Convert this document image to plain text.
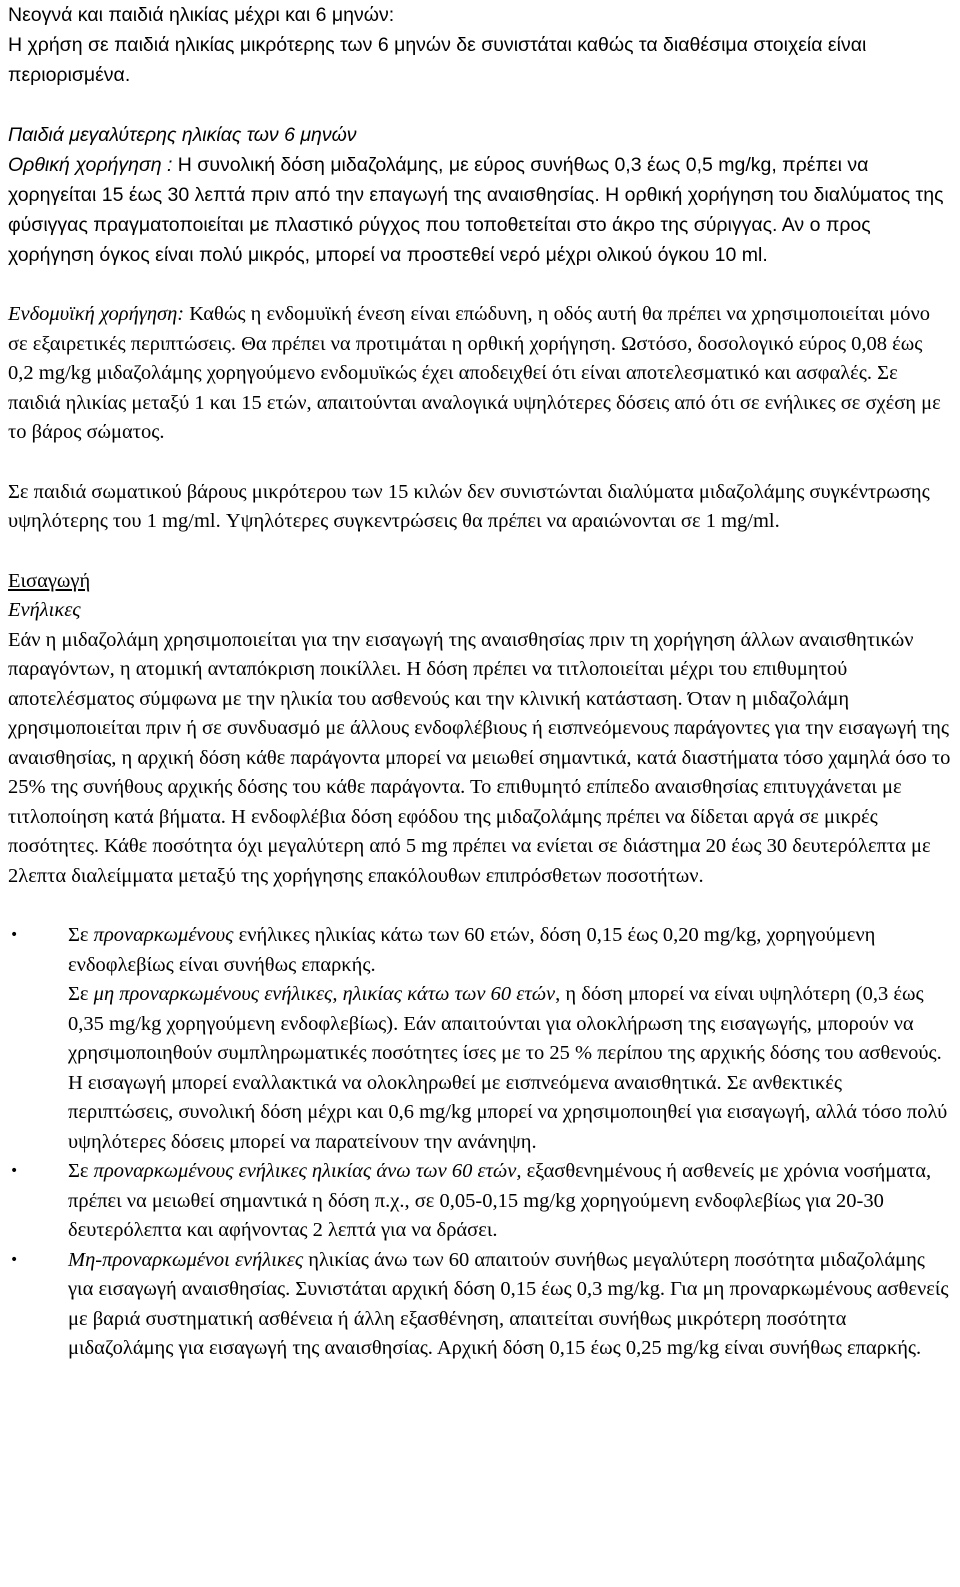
Νεογνά και παιδιά ηλικίας μέχρι και 6 μηνών:

Η χρήση σε παιδιά ηλικίας μικρότερης των 6 μηνών δε συνιστάται καθώς τα διαθέσιμα στοιχεία είναι περιορισμένα.

Παιδιά μεγαλύτερης ηλικίας των 6 μηνών

Ορθική χορήγηση : Η συνολική δόση μιδαζολάμης, με εύρος συνήθως 0,3 έως 0,5 mg/kg, πρέπει να χορηγείται 15 έως 30 λεπτά πριν από την επαγωγή της αναισθησίας. Η ορθική χορήγηση του διαλύματος της φύσιγγας πραγματοποιείται με πλαστικό ρύγχος που τοποθετείται στο άκρο της σύριγγας. Αν ο προς χορήγηση όγκος είναι πολύ μικρός, μπορεί να προστεθεί νερό μέχρι ολικού όγκου 10 ml.

Ενδομυϊκή χορήγηση: Καθώς η ενδομυϊκή ένεση είναι επώδυνη, η οδός αυτή θα πρέπει να χρησιμοποιείται μόνο σε εξαιρετικές περιπτώσεις. Θα πρέπει να προτιμάται η ορθική χορήγηση. Ωστόσο, δοσολογικό εύρος 0,08 έως 0,2 mg/kg μιδαζολάμης χορηγούμενο ενδομυϊκώς έχει αποδειχθεί ότι είναι αποτελεσματικό και ασφαλές. Σε παιδιά ηλικίας μεταξύ 1 και 15 ετών, απαιτούνται αναλογικά υψηλότερες δόσεις από ότι σε ενήλικες σε σχέση με το βάρος σώματος.

Σε παιδιά σωματικού βάρους μικρότερου των 15 κιλών δεν συνιστώνται διαλύματα μιδαζολάμης συγκέντρωσης υψηλότερης του 1 mg/ml. Υψηλότερες συγκεντρώσεις θα πρέπει να αραιώνονται σε 1 mg/ml.

Εισαγωγή

Ενήλικες

Εάν η μιδαζολάμη χρησιμοποιείται για την εισαγωγή της αναισθησίας πριν τη χορήγηση άλλων αναισθητικών παραγόντων, η ατομική ανταπόκριση ποικίλλει. Η δόση πρέπει να τιτλοποιείται μέχρι του επιθυμητού αποτελέσματος σύμφωνα με την ηλικία του ασθενούς και την κλινική κατάσταση. Όταν η μιδαζολάμη χρησιμοποιείται πριν ή σε συνδυασμό με άλλους ενδοφλέβιους ή εισπνεόμενους παράγοντες για την εισαγωγή της αναισθησίας, η αρχική δόση κάθε παράγοντα μπορεί να μειωθεί σημαντικά, κατά διαστήματα τόσο χαμηλά όσο το 25% της συνήθους αρχικής δόσης του κάθε παράγοντα. Το επιθυμητό επίπεδο αναισθησίας επιτυγχάνεται με τιτλοποίηση κατά βήματα. Η ενδοφλέβια δόση εφόδου της μιδαζολάμης πρέπει να δίδεται αργά σε μικρές ποσότητες. Κάθε ποσότητα όχι μεγαλύτερη από 5 mg πρέπει να ενίεται σε διάστημα 20 έως 30 δευτερόλεπτα με 2λεπτα διαλείμματα μεταξύ της χορήγησης επακόλουθων επιπρόσθετων ποσοτήτων.

• Σε προναρκωμένους ενήλικες ηλικίας κάτω των 60 ετών, δόση 0,15 έως 0,20 mg/kg, χορηγούμενη ενδοφλεβίως είναι συνήθως επαρκής.
Σε μη προναρκωμένους ενήλικες, ηλικίας κάτω των 60 ετών, η δόση μπορεί να είναι υψηλότερη (0,3 έως 0,35 mg/kg χορηγούμενη ενδοφλεβίως). Εάν απαιτούνται για ολοκλήρωση της εισαγωγής, μπορούν να χρησιμοποιηθούν συμπληρωματικές ποσότητες ίσες με το 25 % περίπου της αρχικής δόσης του ασθενούς. Η εισαγωγή μπορεί εναλλακτικά να ολοκληρωθεί με εισπνεόμενα αναισθητικά. Σε ανθεκτικές περιπτώσεις, συνολική δόση μέχρι και 0,6 mg/kg μπορεί να χρησιμοποιηθεί για εισαγωγή, αλλά τόσο πολύ υψηλότερες δόσεις μπορεί να παρατείνουν την ανάνηψη.
• Σε προναρκωμένους ενήλικες ηλικίας άνω των 60 ετών, εξασθενημένους ή ασθενείς με χρόνια νοσήματα, πρέπει να μειωθεί σημαντικά η δόση π.χ., σε 0,05-0,15 mg/kg χορηγούμενη ενδοφλεβίως για 20-30 δευτερόλεπτα και αφήνοντας 2 λεπτά για να δράσει.
• Μη-προναρκωμένοι ενήλικες ηλικίας άνω των 60 απαιτούν συνήθως μεγαλύτερη ποσότητα μιδαζολάμης για εισαγωγή αναισθησίας. Συνιστάται αρχική δόση 0,15 έως 0,3 mg/kg. Για μη προναρκωμένους ασθενείς με βαριά συστηματική ασθένεια ή άλλη εξασθένηση, απαιτείται συνήθως μικρότερη ποσότητα μιδαζολάμης για εισαγωγή της αναισθησίας. Αρχική δόση 0,15 έως 0,25 mg/kg είναι συνήθως επαρκής.
